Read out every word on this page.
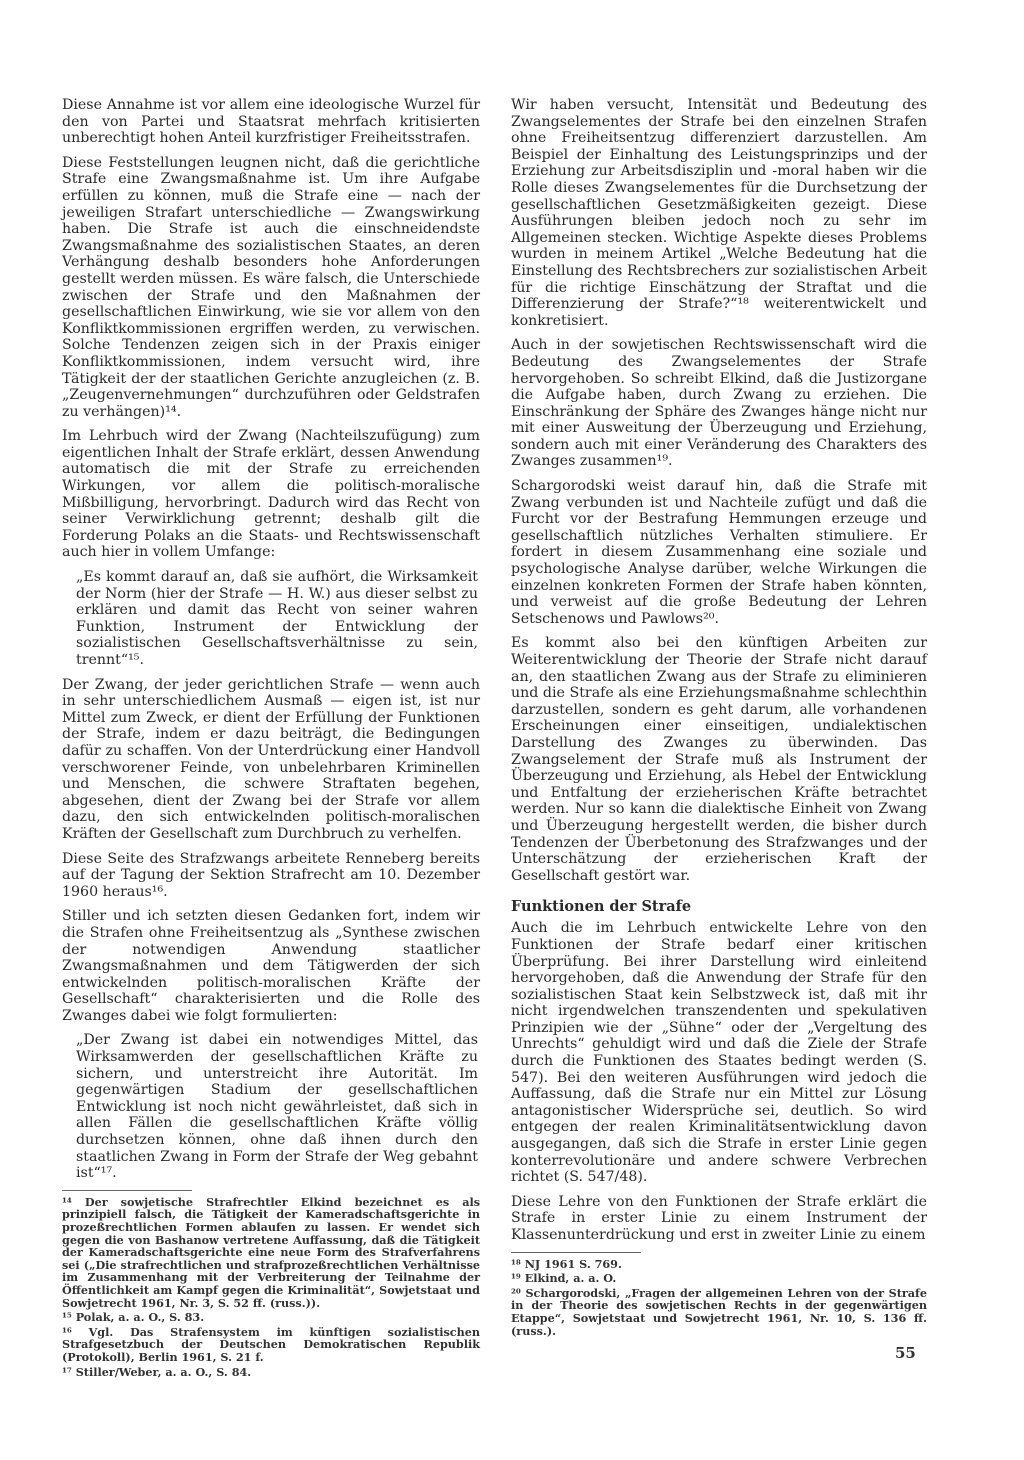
Diese Annahme ist vor allem eine ideologische Wurzel für den von Partei und Staatsrat mehrfach kritisierten unberechtigt hohen Anteil kurzfristiger Freiheitsstrafen.

Diese Feststellungen leugnen nicht, daß die gerichtliche Strafe eine Zwangsmaßnahme ist. Um ihre Aufgabe erfüllen zu können, muß die Strafe eine — nach der jeweiligen Strafart unterschiedliche — Zwangswirkung haben. Die Strafe ist auch die einschneidendste Zwangsmaßnahme des sozialistischen Staates, an deren Verhängung deshalb besonders hohe Anforderungen gestellt werden müssen. Es wäre falsch, die Unterschiede zwischen der Strafe und den Maßnahmen der gesellschaftlichen Einwirkung, wie sie vor allem von den Konfliktkommissionen ergriffen werden, zu verwischen. Solche Tendenzen zeigen sich in der Praxis einiger Konfliktkommissionen, indem versucht wird, ihre Tätigkeit der der staatlichen Gerichte anzugleichen (z. B. „Zeugenvernehmungen“ durchzuführen oder Geldstrafen zu verhängen)¹⁴.

Im Lehrbuch wird der Zwang (Nachteilszufügung) zum eigentlichen Inhalt der Strafe erklärt, dessen Anwendung automatisch die mit der Strafe zu erreichenden Wirkungen, vor allem die politisch-moralische Mißbilligung, hervorbringt. Dadurch wird das Recht von seiner Verwirklichung getrennt; deshalb gilt die Forderung Polaks an die Staats- und Rechtswissenschaft auch hier in vollem Umfange:

„Es kommt darauf an, daß sie aufhört, die Wirksamkeit der Norm (hier der Strafe — H. W.) aus dieser selbst zu erklären und damit das Recht von seiner wahren Funktion, Instrument der Entwicklung der sozialistischen Gesellschaftsverhältnisse zu sein, trennt“¹⁵.

Der Zwang, der jeder gerichtlichen Strafe — wenn auch in sehr unterschiedlichem Ausmaß — eigen ist, ist nur Mittel zum Zweck, er dient der Erfüllung der Funktionen der Strafe, indem er dazu beiträgt, die Bedingungen dafür zu schaffen. Von der Unterdrückung einer Handvoll verschworener Feinde, von unbelehrbaren Kriminellen und Menschen, die schwere Straftaten begehen, abgesehen, dient der Zwang bei der Strafe vor allem dazu, den sich entwickelnden politisch-moralischen Kräften der Gesellschaft zum Durchbruch zu verhelfen.

Diese Seite des Strafzwangs arbeitete Renneberg bereits auf der Tagung der Sektion Strafrecht am 10. Dezember 1960 heraus¹⁶.

Stiller und ich setzten diesen Gedanken fort, indem wir die Strafen ohne Freiheitsentzug als „Synthese zwischen der notwendigen Anwendung staatlicher Zwangsmaßnahmen und dem Tätigwerden der sich entwickelnden politisch-moralischen Kräfte der Gesellschaft“ charakterisierten und die Rolle des Zwanges dabei wie folgt formulierten:

„Der Zwang ist dabei ein notwendiges Mittel, das Wirksamwerden der gesellschaftlichen Kräfte zu sichern, und unterstreicht ihre Autorität. Im gegenwärtigen Stadium der gesellschaftlichen Entwicklung ist noch nicht gewährleistet, daß sich in allen Fällen die gesellschaftlichen Kräfte völlig durchsetzen können, ohne daß ihnen durch den staatlichen Zwang in Form der Strafe der Weg gebahnt ist“¹⁷.

¹⁴ Der sowjetische Strafrechtler Elkind bezeichnet es als prinzipiell falsch, die Tätigkeit der Kameradschaftsgerichte in prozeßrechtlichen Formen ablaufen zu lassen. Er wendet sich gegen die von Bashanow vertretene Auffassung, daß die Tätigkeit der Kameradschaftsgerichte eine neue Form des Strafverfahrens sei („Die strafrechtlichen und strafprozeßrechtlichen Verhältnisse im Zusammenhang mit der Verbreiterung der Teilnahme der Öffentlichkeit am Kampf gegen die Kriminalität“, Sowjetstaat und Sowjetrecht 1961, Nr. 3, S. 52 ff. (russ.)).
¹⁵ Polak, a. a. O., S. 83.
¹⁶ Vgl. Das Strafensystem im künftigen sozialistischen Strafgesetzbuch der Deutschen Demokratischen Republik (Protokoll), Berlin 1961, S. 21 f.
¹⁷ Stiller/Weber, a. a. O., S. 84.

Wir haben versucht, Intensität und Bedeutung des Zwangselementes der Strafe bei den einzelnen Strafen ohne Freiheitsentzug differenziert darzustellen. Am Beispiel der Einhaltung des Leistungsprinzips und der Erziehung zur Arbeitsdisziplin und -moral haben wir die Rolle dieses Zwangselementes für die Durchsetzung der gesellschaftlichen Gesetzmäßigkeiten gezeigt. Diese Ausführungen bleiben jedoch noch zu sehr im Allgemeinen stecken. Wichtige Aspekte dieses Problems wurden in meinem Artikel „Welche Bedeutung hat die Einstellung des Rechtsbrechers zur sozialistischen Arbeit für die richtige Einschätzung der Straftat und die Differenzierung der Strafe?“¹⁸ weiterentwickelt und konkretisiert.

Auch in der sowjetischen Rechtswissenschaft wird die Bedeutung des Zwangselementes der Strafe hervorgehoben. So schreibt Elkind, daß die Justizorgane die Aufgabe haben, durch Zwang zu erziehen. Die Einschränkung der Sphäre des Zwanges hänge nicht nur mit einer Ausweitung der Überzeugung und Erziehung, sondern auch mit einer Veränderung des Charakters des Zwanges zusammen¹⁹.

Schargorodski weist darauf hin, daß die Strafe mit Zwang verbunden ist und Nachteile zufügt und daß die Furcht vor der Bestrafung Hemmungen erzeuge und gesellschaftlich nützliches Verhalten stimuliere. Er fordert in diesem Zusammenhang eine soziale und psychologische Analyse darüber, welche Wirkungen die einzelnen konkreten Formen der Strafe haben könnten, und verweist auf die große Bedeutung der Lehren Setschenows und Pawlows²⁰.

Es kommt also bei den künftigen Arbeiten zur Weiterentwicklung der Theorie der Strafe nicht darauf an, den staatlichen Zwang aus der Strafe zu eliminieren und die Strafe als eine Erziehungsmaßnahme schlechthin darzustellen, sondern es geht darum, alle vorhandenen Erscheinungen einer einseitigen, undialektischen Darstellung des Zwanges zu überwinden. Das Zwangselement der Strafe muß als Instrument der Überzeugung und Erziehung, als Hebel der Entwicklung und Entfaltung der erzieherischen Kräfte betrachtet werden. Nur so kann die dialektische Einheit von Zwang und Überzeugung hergestellt werden, die bisher durch Tendenzen der Überbetonung des Strafzwanges und der Unterschätzung der erzieherischen Kraft der Gesellschaft gestört war.

Funktionen der Strafe

Auch die im Lehrbuch entwickelte Lehre von den Funktionen der Strafe bedarf einer kritischen Überprüfung. Bei ihrer Darstellung wird einleitend hervorgehoben, daß die Anwendung der Strafe für den sozialistischen Staat kein Selbstzweck ist, daß mit ihr nicht irgendwelchen transzendenten und spekulativen Prinzipien wie der „Sühne“ oder der „Vergeltung des Unrechts“ gehuldigt wird und daß die Ziele der Strafe durch die Funktionen des Staates bedingt werden (S. 547). Bei den weiteren Ausführungen wird jedoch die Auffassung, daß die Strafe nur ein Mittel zur Lösung antagonistischer Widersprüche sei, deutlich. So wird entgegen der realen Kriminalitätsentwicklung davon ausgegangen, daß sich die Strafe in erster Linie gegen konterrevolutionäre und andere schwere Verbrechen richtet (S. 547/48).

Diese Lehre von den Funktionen der Strafe erklärt die Strafe in erster Linie zu einem Instrument der Klassenunterdrückung und erst in zweiter Linie zu einem

¹⁸ NJ 1961 S. 769.
¹⁹ Elkind, a. a. O.
²⁰ Schargorodski, „Fragen der allgemeinen Lehren von der Strafe in der Theorie des sowjetischen Rechts in der gegenwärtigen Etappe“, Sowjetstaat und Sowjetrecht 1961, Nr. 10, S. 136 ff. (russ.).
55
